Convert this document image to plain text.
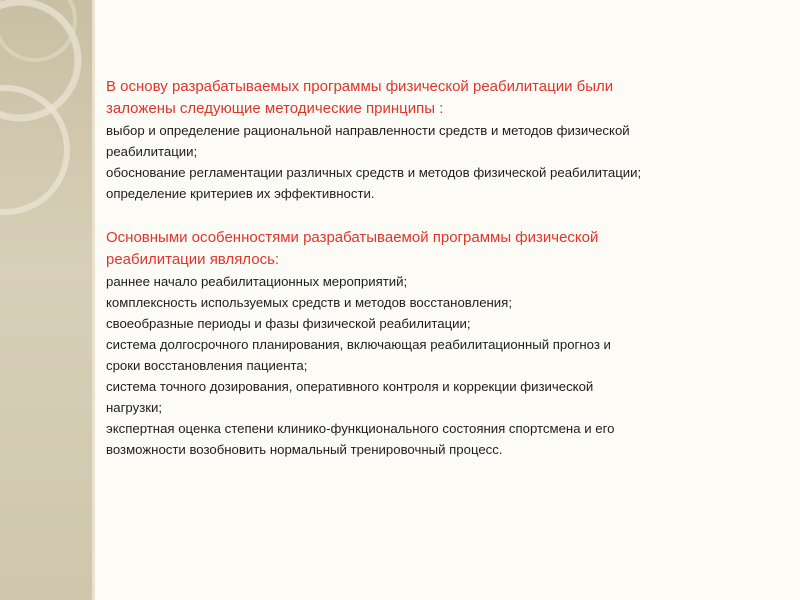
В основу разрабатываемых программы физической реабилитации были

заложены следующие методические принципы :

выбор и определение рациональной направленности средств и методов физической

реабилитации;

обоснование регламентации различных средств и методов физической реабилитации;

определение критериев их эффективности.

Основными особенностями разрабатываемой программы физической

реабилитации являлось:

раннее начало реабилитационных мероприятий;

комплексность используемых средств и методов восстановления;

своеобразные периоды и фазы физической реабилитации;

система долгосрочного планирования, включающая реабилитационный прогноз и

сроки восстановления пациента;

система точного дозирования, оперативного контроля и коррекции физической

нагрузки;

экспертная оценка степени клинико-функционального состояния спортсмена и его

возможности возобновить нормальный тренировочный процесс.
